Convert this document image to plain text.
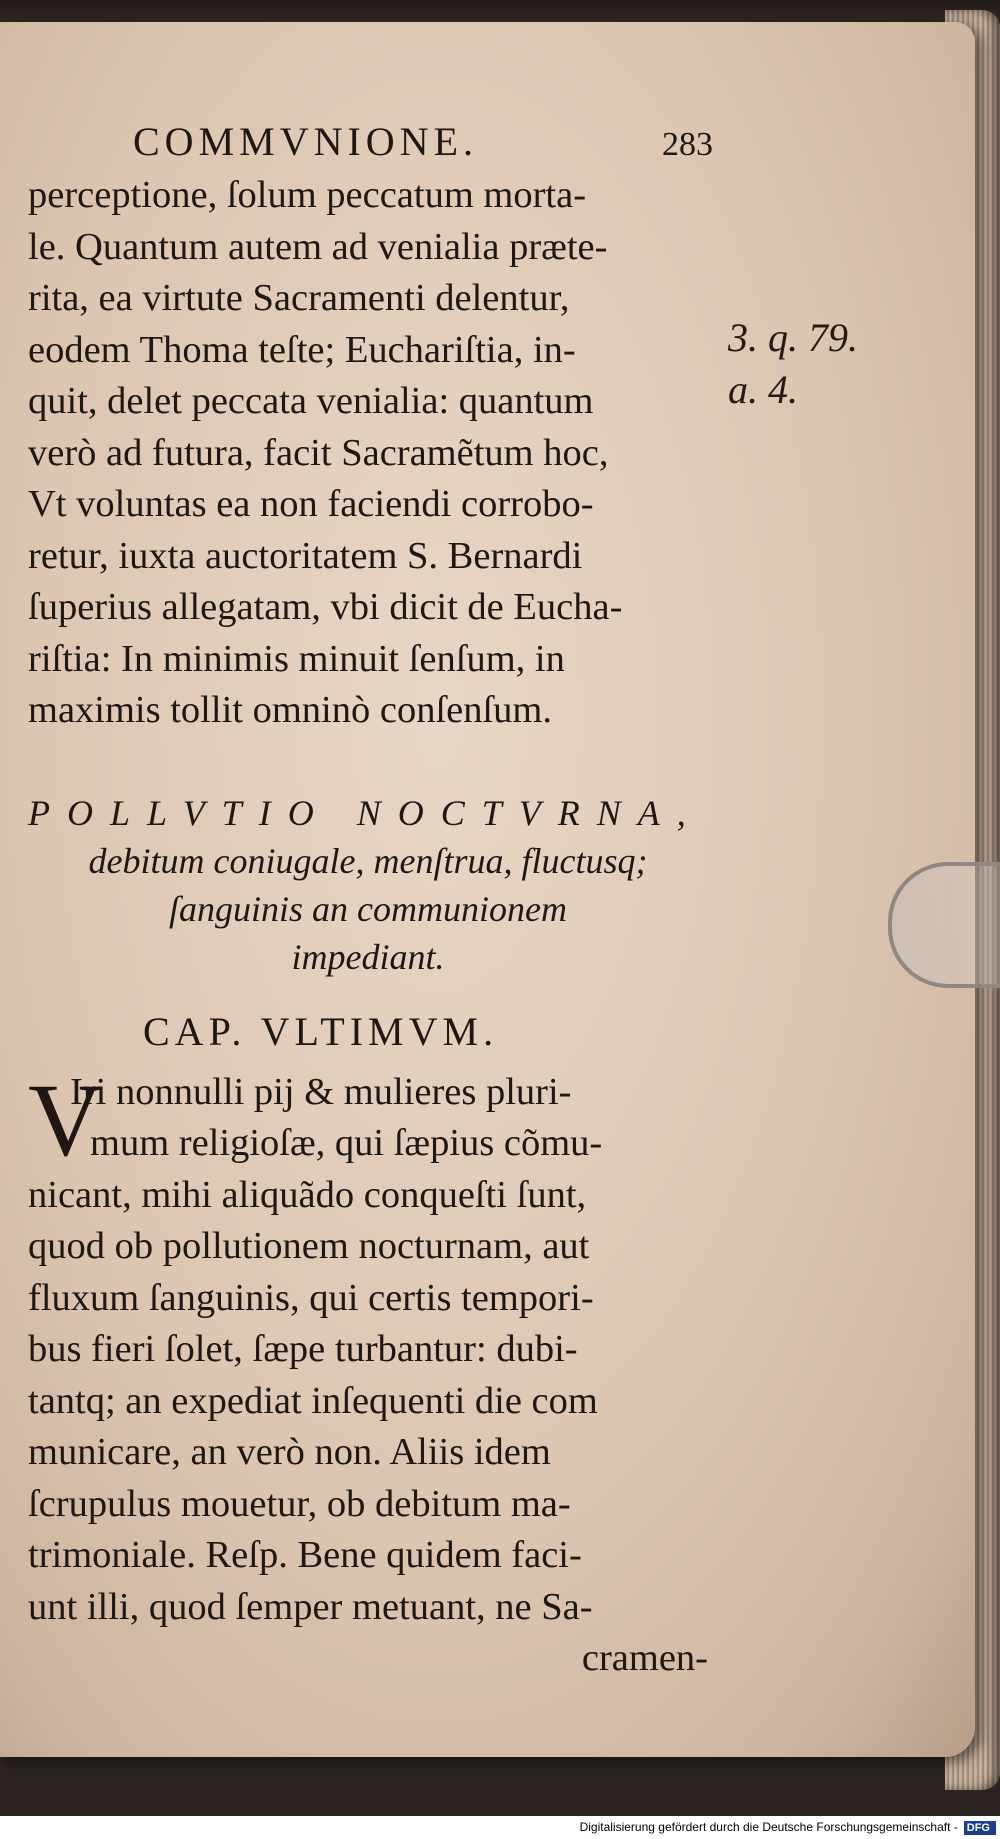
COMMVNIONE.	283
perceptione, ſolum peccatum morta-
le. Quantum autem ad venialia præte-
rita, ea virtute Sacramenti delentur,
eodem Thoma teſte; Euchariſtia, in-
quit, delet peccata venialia: quantum
verò ad futura, facit Sacramẽtum hoc,
Vt voluntas ea non faciendi corrobo-
retur, iuxta auctoritatem S. Bernardi
ſuperius allegatam, vbi dicit de Eucha-
riſtia: In minimis minuit ſenſum, in
maximis tollit omninò conſenſum.
3. q. 79.
a. 4.
POLLVTIO NOCTVRNA,
debitum coniugale, menſtrua, fluctusq;
ſanguinis an communionem
impediant.
CAP. VLTIMVM.
V
Iri nonnulli pij & mulieres pluri-
mum religioſæ, qui ſæpius cõmu-
nicant, mihi aliquãdo conqueſti ſunt,
quod ob pollutionem nocturnam, aut
fluxum ſanguinis, qui certis tempori-
bus fieri ſolet, ſæpe turbantur: dubi-
tantq; an expediat inſequenti die com
municare, an verò non. Aliis idem
ſcrupulus mouetur, ob debitum ma-
trimoniale. Reſp. Bene quidem faci-
unt illi, quod ſemper metuant, ne Sa-
cramen-
Digitalisierung gefördert durch die Deutsche Forschungsgemeinschaft - DFG
